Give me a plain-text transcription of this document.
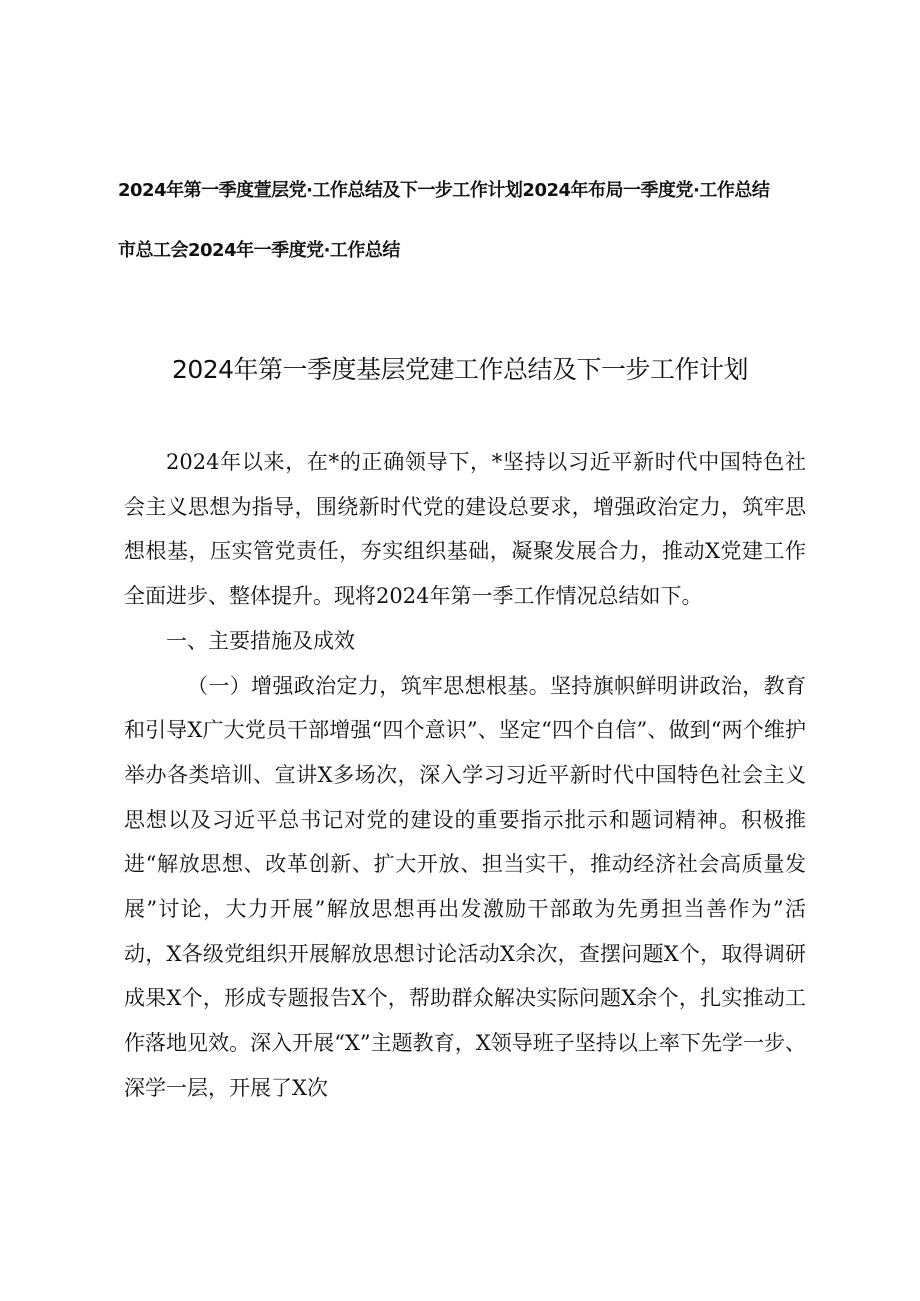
2024年第一季度萱层党·工作总结及下一步工作计划2024年布局一季度党·工作总结
市总工会2024年一季度党·工作总结
2024年第一季度基层党建工作总结及下一步工作计划

2024年以来，在*的正确领导下，*坚持以习近平新时代中国特色社会主义思想为指导，围绕新时代党的建设总要求，增强政治定力，筑牢思想根基，压实管党责任，夯实组织基础，凝聚发展合力，推动X党建工作全面进步、整体提升。现将2024年第一季工作情况总结如下。

一、主要措施及成效

（一）增强政治定力，筑牢思想根基。坚持旗帜鲜明讲政治，教育和引导X广大党员干部增强“四个意识”、坚定“四个自信”、做到“两个维护举办各类培训、宣讲X多场次，深入学习习近平新时代中国特色社会主义思想以及习近平总书记对党的建设的重要指示批示和题词精神。积极推进“解放思想、改革创新、扩大开放、担当实干，推动经济社会高质量发展”讨论，大力开展”解放思想再出发激励干部敢为先勇担当善作为”活动，X各级党组织开展解放思想讨论活动X余次，查摆问题X个，取得调研成果X个，形成专题报告X个，帮助群众解决实际问题X余个，扎实推动工作落地见效。深入开展“X”主题教育，X领导班子坚持以上率下先学一步、深学一层，开展了X次
